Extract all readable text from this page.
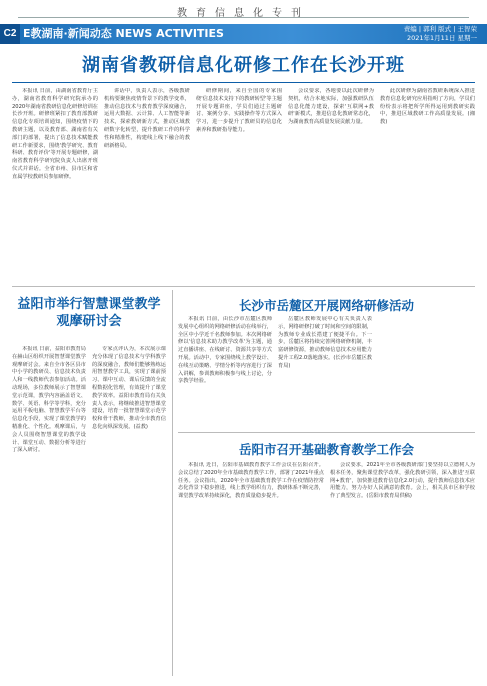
教育信息化专刊
C2 E教湖南·新闻动态 NEWS ACTIVITIES	责编 | 郭利 版式 | 王智荣
2021年1月11日 星期一
湖南省教研信息化研修工作在长沙开班

本报讯 日前，由湖南省教育厅主办，湖南省教育科学研究院承办的2020年湖南省教研信息化研修培训在长沙开班。研修班紧扣了教育部教研信息化专项培训通知，围绕疫情下的教研主题，以及教育部、湖南省有关部门的部署，提出了信息技术赋能教研工作新要求，围绕'教学研究、教育科研、教育评价'等开展专题研修，湖南省教育科学研究院负责人出席开班仪式并讲话。全省市州、县市区和省直属学校教研员参加研修。

讲话中，负责人表示，各级教研机构要聚焦疫情背景下的教学变革，推动信息技术与教育教学深度融合，运用大数据、云计算、人工智能等新技术，探索教研新方式，推动区域教研数字化转型，提升教研工作的科学性和精准性，构建线上线下融合的教研新格局。

研修期间，来自全国的专家围绕'信息技术支持下的教研转型'等主题开展专题讲座，学员们通过主题研讨、案例分享、实践操作等方式深入学习，进一步提升了教研员的信息化素养和教研指导能力。

会议要求，各地要以此次研修为契机，结合本地实际，加强教研队伍信息化能力建设，探索'互联网+教研'新模式，推进信息化教研常态化，为湖南教育高质量发展贡献力量。

此次研修为湖南省教研系统深入推进教育信息化研究应用指明了方向，学员们纷纷表示将把所学所得运用到教研实践中，推进区域教研工作高质量发展。(湘教)

益阳市举行智慧课堂教学观摩研讨会

本报讯 日前，益阳市教育局在赫山区组织开展智慧课堂教学观摩研讨会。来自全市各区县市中小学的教研员、信息技术负责人和一线教师代表参加活动。活动现场，多位教师展示了智慧课堂示范课，教学内容涵盖语文、数学、英语、科学等学科，充分运用平板电脑、智慧教学平台等信息化手段，实现了课堂教学的精准化、个性化。观摩课后，与会人员围绕智慧课堂的教学设计、课堂互动、数据分析等进行了深入研讨。

专家点评认为，本次展示课充分体现了信息技术与学科教学的深度融合，教师们能够熟练运用智慧教学工具，实现了课前预习、课中互动、课后反馈的全流程数据化管理，有效提升了课堂教学效率。益阳市教育局有关负责人表示，将继续推进智慧课堂建设，培育一批智慧课堂示范学校和骨干教师，推动全市教育信息化向纵深发展。(益教)

长沙市岳麓区开展网络研修活动

本报讯 日前，由长沙市岳麓区教师发展中心组织的网络研修活动在线举行，全区中小学近千名教师参加。本次网络研修以'信息技术助力教学改革'为主题，通过直播讲座、在线研讨、资源共享等方式开展。活动中，专家围绕线上教学设计、在线互动策略、学情分析等内容进行了深入讲解，参训教师积极参与线上讨论，分享教学经验。

岳麓区教师发展中心有关负责人表示，网络研修打破了时间和空间的限制，为教师专业成长搭建了便捷平台。下一步，岳麓区将持续完善网络研修机制，丰富研修资源，推动教师信息技术应用能力提升工程2.0落地落实。(长沙市岳麓区教育局)

岳阳市召开基础教育教学工作会

本报讯 近日，岳阳市基础教育教学工作会议在岳阳召开。会议总结了2020年全市基础教育教学工作，部署了2021年重点任务。会议指出，2020年全市基础教育教学工作在疫情防控常态化背景下稳步推进，线上教学组织有力，教研体系不断完善，课堂教学改革持续深化，教育质量稳步提升。

会议要求，2021年全市各级教研部门要坚持以立德树人为根本任务，聚焦课堂教学改革，强化教研引领，深入推进'互联网+教育'，加快推进教育信息化2.0行动，提升教师信息技术应用能力，努力办好人民满意的教育。会上，相关县市区和学校作了典型发言。(岳阳市教育局供稿)
